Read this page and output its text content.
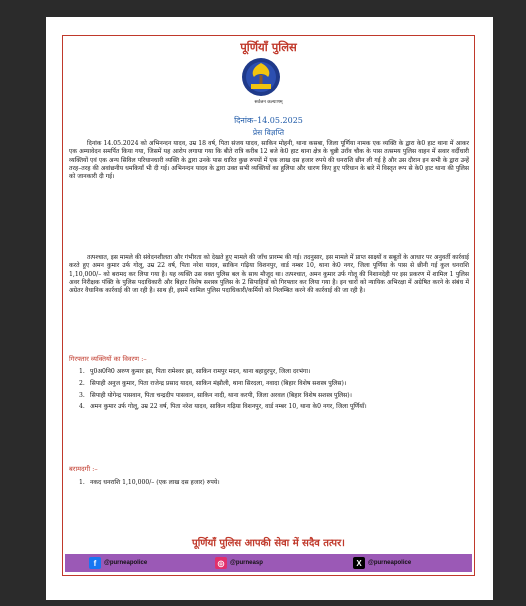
पूर्णियाँ पुलिस
सर्वजन कल्याणम्
दिनांक–14.05.2025
प्रेस विज्ञप्ति
दिनांक 14.05.2024 को अभिनन्दन यादव, उम्र 18 वर्ष, पिता संजय यादव, साकिन मोहनी, थाना कसबा, जिला पूर्णिया नामक एक व्यक्ति के द्वारा के0 हाट थाना में आकर एक अम्यावेदन समर्पित किया गया, जिसमें यह आरोप लगाया गया कि बीते रात्रि करीब 12 बजे के0 हाट थाना क्षेत्र के चुन्नी उराँव चौक के पास तत्समय पुलिस वाहन में सवार वर्दीधारी व्यक्तियों एवं एक अन्य सिविल परिधानधारी व्यक्ति के द्वारा उनके पास धारित कुछ रुपयों में एक लाख दस हजार रुपये की धनराशि छीन ली गई है और उस दौरान इन सभी के द्वारा उन्हें तरह–तरह की अवांछनीय धमकियाँ भी दी गई। अभिनन्दन यादव के द्वारा उक्त सभी व्यक्तियों का हुलिया और धारण किए हुए परिधान के बारे में विस्तृत रूप से के0 हाट थाना की पुलिस को जानकारी दी गई।
तत्पश्चात, इस मामले की संवेदनशीलता और गंभीरता को देखते हुए मामले की जाँच प्रारम्भ की गई। तदनुसार, इस मामले में प्राप्त साक्ष्यों व सबूतों के आधार पर अनुवर्ती कार्रवाई करते हुए अमन कुमार उर्फ गोलू, उम्र 22 वर्ष, पिता नरेश यादव, साकिन गढ़िया विशनपुर, वार्ड नम्बर 10, थाना के0 नगर, जिला पूर्णिया के पास से छीनी गई कुल धनराशि 1,10,000/– को बरामद कर लिया गया है। यह व्यक्ति उस वक्त पुलिस बल के साथ मौजूद था। तत्पश्चात, अमन कुमार उर्फ गोलू की निशानदेही पर इस प्रकरण में शामिल 1 पुलिस अवर निरीक्षक पंक्ति के पुलिस पदाधिकारी और बिहार विशेष सशस्त्र पुलिस के 2 सिपाहियों को गिरफ्तार कर लिया गया है। इन चारों को न्यायिक अभिरक्षा में अग्रेषित करने के संबंध में अग्रेतर वैधानिक कार्रवाई की जा रही है। साथ ही, इसमें शामिल पुलिस पदाधिकारी/कर्मियों को निलम्बित करने की कार्रवाई की जा रही है।
गिरफ्तार व्यक्तियों का विवरण :–
1. पु0अ0नि0 अरुण कुमार झा, पिता रामेश्वर झा, साकिन रामपुर मदन, थाना बहादुरपुर, जिला दरभंगा।
2. सिपाही अनुज कुमार, पिता राजेन्द्र प्रसाद यादव, साकिन मंझौली, थाना सिरदला, नवादा (बिहार विशेष सशस्त्र पुलिस)।
3. सिपाही योगेन्द्र पासवान, पिता चन्द्रदीप पासवान, साकिन नादी, थाना करपी, जिला अरवल (बिहार विशेष सशस्त्र पुलिस)।
4. अमन कुमार उर्फ गोलू, उम्र 22 वर्ष, पिता नरेश यादव, साकिन गढ़िया विशनपुर, वार्ड नम्बर 10, थाना के0 नगर, जिला पूर्णियाँ।
बरामदगी :–
1. नकद धनराशि 1,10,000/– (एक लाख दस हजार) रुपये।
पूर्णियाँ पुलिस आपकी सेवा में सदैव तत्पर।
f	@purneapolice	◎ @purneasp	X	@purneapolice
